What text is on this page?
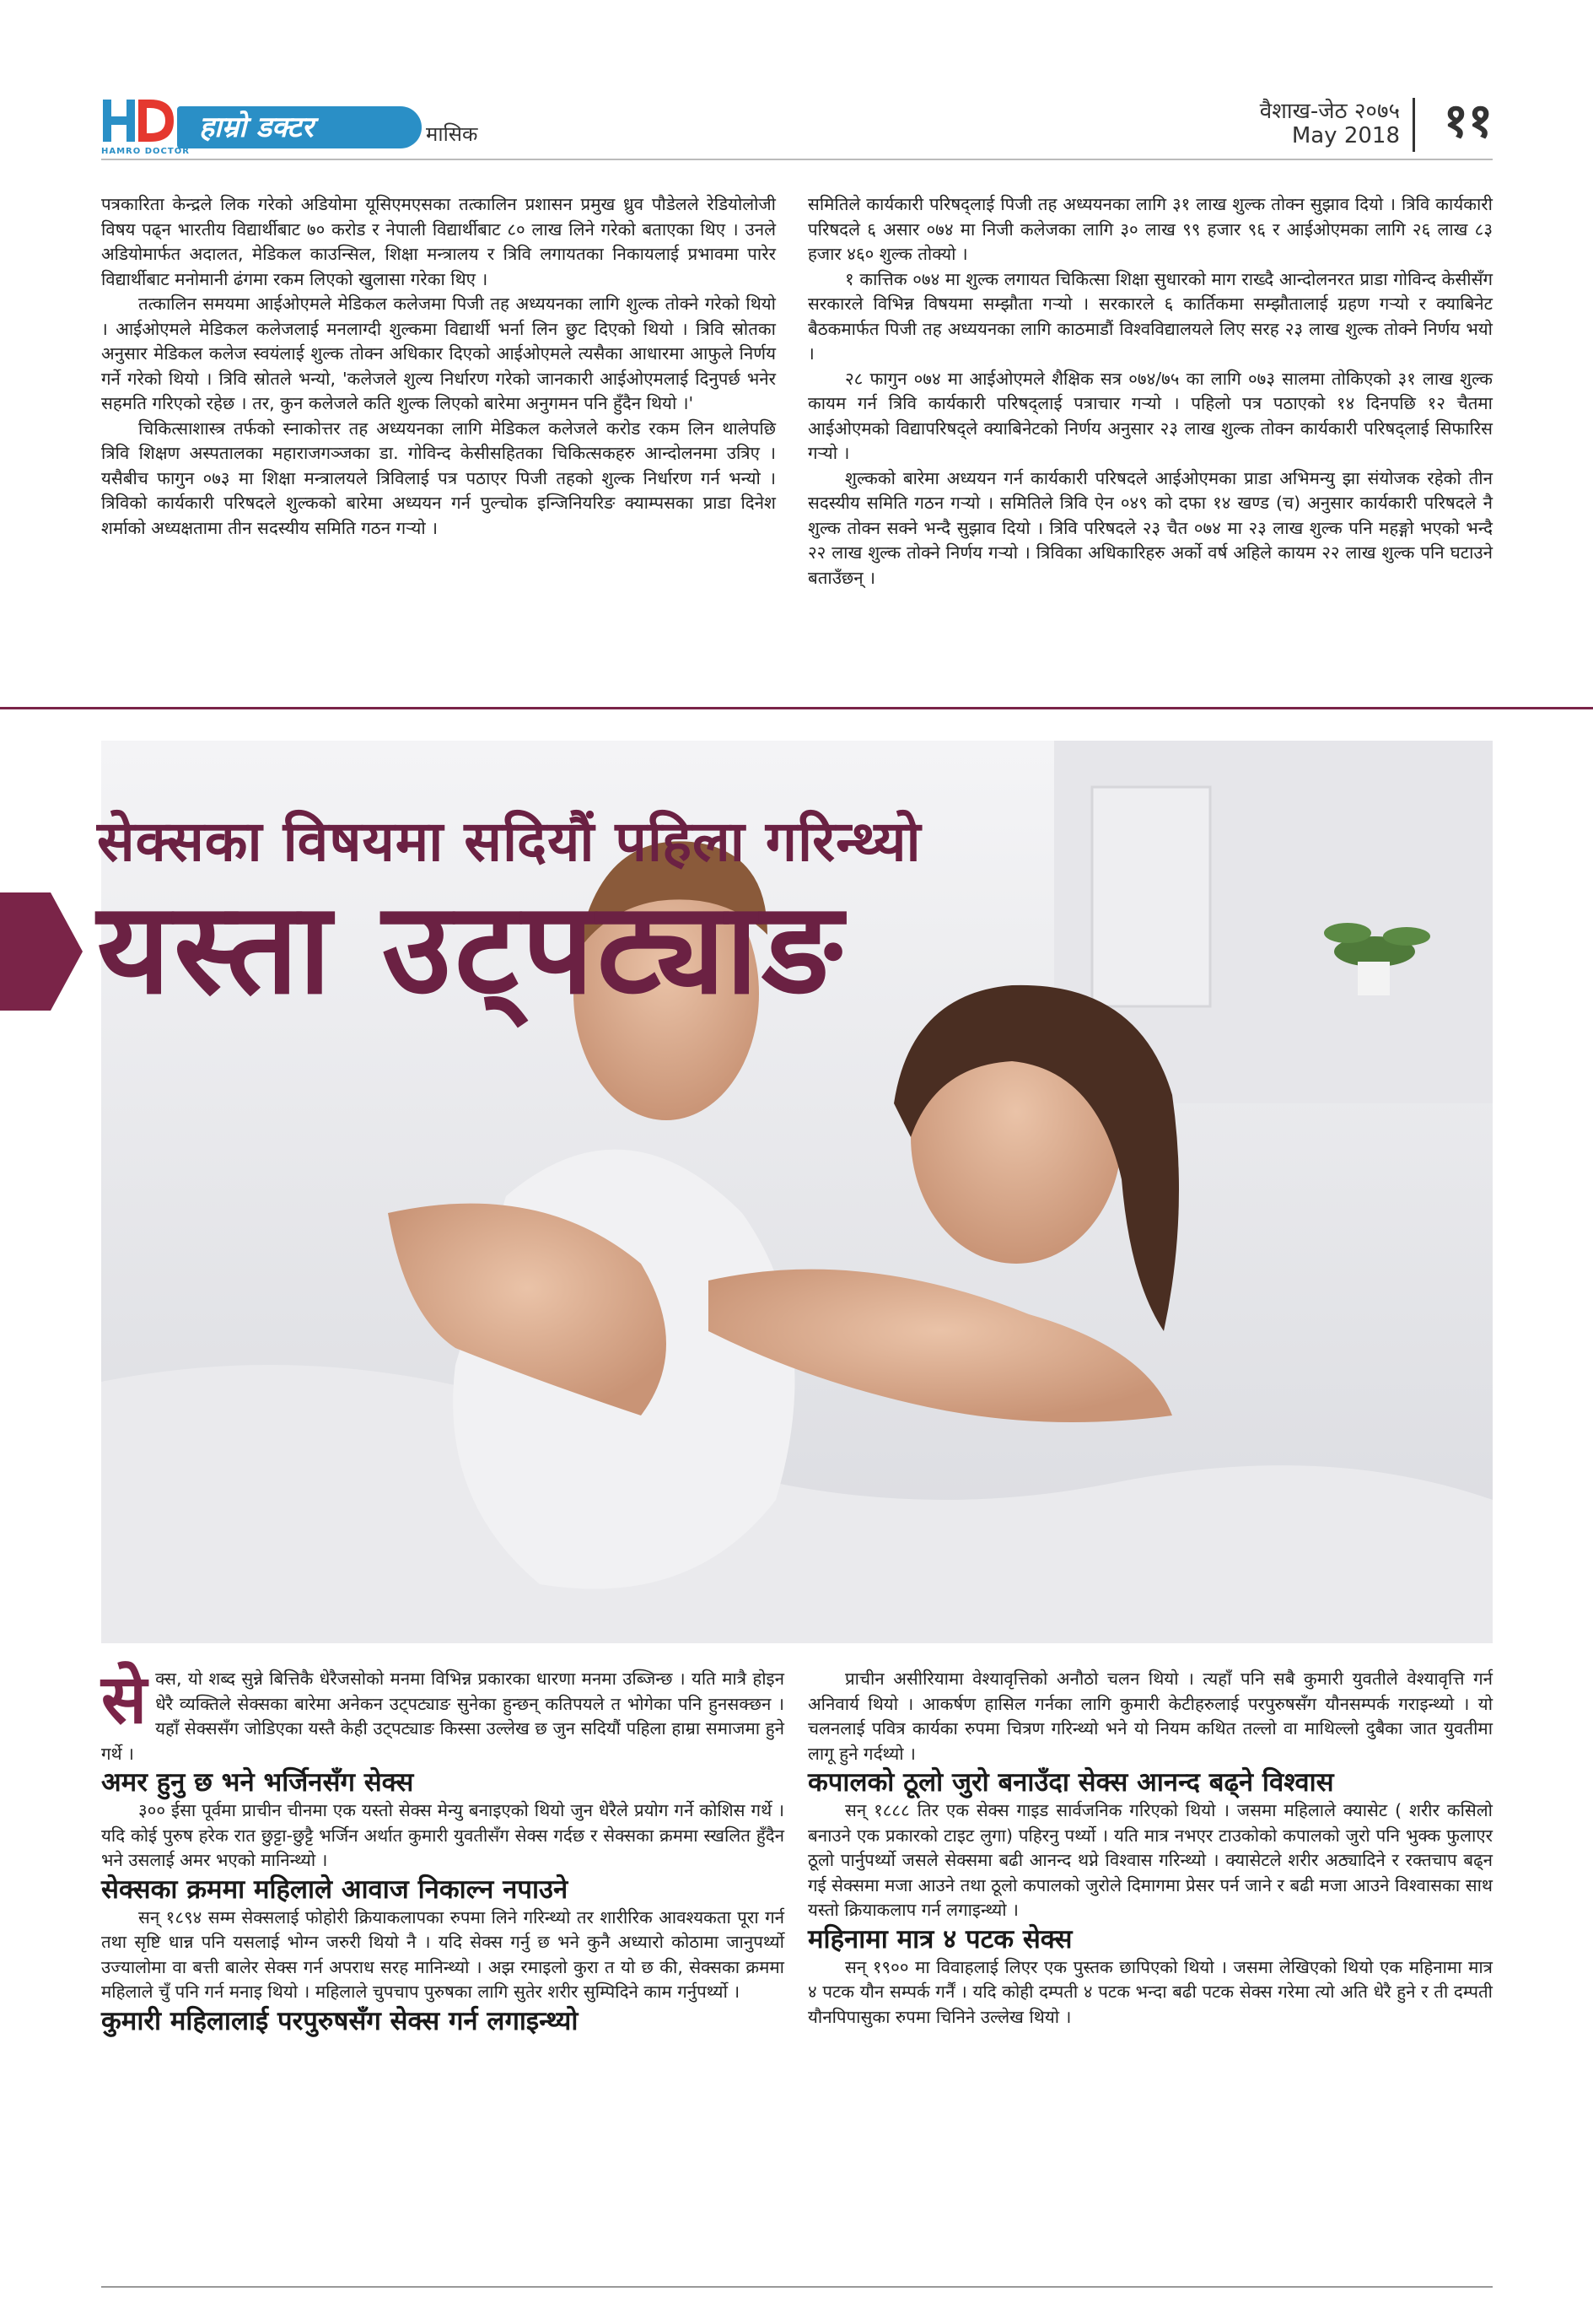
हाम्रो डक्टर
HAMRO DOCTOR
मासिक
वैशाख-जेठ २०७५
May 2018 ११

पत्रकारिता केन्द्रले लिक गरेको अडियोमा यूसिएमएसका तत्कालिन प्रशासन प्रमुख ध्रुव पौडेलले रेडियोलोजी विषय पढ्न भारतीय विद्यार्थीबाट ७० करोड र नेपाली विद्यार्थीबाट ८० लाख लिने गरेको बताएका थिए । उनले अडियोमार्फत अदालत, मेडिकल काउन्सिल, शिक्षा मन्त्रालय र त्रिवि लगायतका निकायलाई प्रभावमा पारेर विद्यार्थीबाट मनोमानी ढंगमा रकम लिएको खुलासा गरेका थिए ।

तत्कालिन समयमा आईओएमले मेडिकल कलेजमा पिजी तह अध्ययनका लागि शुल्क तोक्ने गरेको थियो । आईओएमले मेडिकल कलेजलाई मनलाग्दी शुल्कमा विद्यार्थी भर्ना लिन छुट दिएको थियो । त्रिवि स्रोतका अनुसार मेडिकल कलेज स्वयंलाई शुल्क तोक्न अधिकार दिएको आईओएमले त्यसैका आधारमा आफुले निर्णय गर्ने गरेको थियो । त्रिवि स्रोतले भन्यो, 'कलेजले शुल्य निर्धारण गरेको जानकारी आईओएमलाई दिनुपर्छ भनेर सहमति गरिएको रहेछ । तर, कुन कलेजले कति शुल्क लिएको बारेमा अनुगमन पनि हुँदैन थियो ।'

चिकित्साशास्त्र तर्फको स्नाकोत्तर तह अध्ययनका लागि मेडिकल कलेजले करोड रकम लिन थालेपछि त्रिवि शिक्षण अस्पतालका महाराजगञ्जका डा. गोविन्द केसीसहितका चिकित्सकहरु आन्दोलनमा उत्रिए । यसैबीच फागुन ०७३ मा शिक्षा मन्त्रालयले त्रिविलाई पत्र पठाएर पिजी तहको शुल्क निर्धारण गर्न भन्यो । त्रिविको कार्यकारी परिषदले शुल्कको बारेमा अध्ययन गर्न पुल्चोक इन्जिनियरिङ क्याम्पसका प्राडा दिनेश शर्माको अध्यक्षतामा तीन सदस्यीय समिति गठन गऱ्यो ।

समितिले कार्यकारी परिषद्लाई पिजी तह अध्ययनका लागि ३१ लाख शुल्क तोक्न सुझाव दियो । त्रिवि कार्यकारी परिषदले ६ असार ०७४ मा निजी कलेजका लागि ३० लाख ९९ हजार ९६ र आईओएमका लागि २६ लाख ८३ हजार ४६० शुल्क तोक्यो ।

१ कात्तिक ०७४ मा शुल्क लगायत चिकित्सा शिक्षा सुधारको माग राख्दै आन्दोलनरत प्राडा गोविन्द केसीसँग सरकारले विभिन्न विषयमा सम्झौता गऱ्यो । सरकारले ६ कार्तिकमा सम्झौतालाई ग्रहण गऱ्यो र क्याबिनेट बैठकमार्फत पिजी तह अध्ययनका लागि काठमाडौं विश्वविद्यालयले लिए सरह २३ लाख शुल्क तोक्ने निर्णय भयो ।

२८ फागुन ०७४ मा आईओएमले शैक्षिक सत्र ०७४/७५ का लागि ०७३ सालमा तोकिएको ३१ लाख शुल्क कायम गर्न त्रिवि कार्यकारी परिषद्लाई पत्राचार गऱ्यो । पहिलो पत्र पठाएको १४ दिनपछि १२ चैतमा आईओएमको विद्यापरिषद्ले क्याबिनेटको निर्णय अनुसार २३ लाख शुल्क तोक्न कार्यकारी परिषद्लाई सिफारिस गऱ्यो ।

शुल्कको बारेमा अध्ययन गर्न कार्यकारी परिषदले आईओएमका प्राडा अभिमन्यु झा संयोजक रहेको तीन सदस्यीय समिति गठन गऱ्यो । समितिले त्रिवि ऐन ०४९ को दफा १४ खण्ड (च) अनुसार कार्यकारी परिषदले नै शुल्क तोक्न सक्ने भन्दै सुझाव दियो । त्रिवि परिषदले २३ चैत ०७४ मा २३ लाख शुल्क पनि महङ्गो भएको भन्दै २२ लाख शुल्क तोक्ने निर्णय गऱ्यो । त्रिविका अधिकारिहरु अर्को वर्ष अहिले कायम २२ लाख शुल्क पनि घटाउने बताउँछन् ।

सेक्सका विषयमा सदियौं पहिला गरिन्थ्यो
यस्ता उट्पट्याङ

सेक्स, यो शब्द सुन्ने बित्तिकै धेरैजसोको मनमा विभिन्न प्रकारका धारणा मनमा उब्जिन्छ । यति मात्रै होइन धेरै व्यक्तिले सेक्सका बारेमा अनेकन उट्पट्याङ सुनेका हुन्छन् कतिपयले त भोगेका पनि हुनसक्छन । यहाँ सेक्ससँग जोडिएका यस्तै केही उट्पट्याङ किस्सा उल्लेख छ जुन सदियौं पहिला हाम्रा समाजमा हुने गर्थे ।

अमर हुनु छ भने भर्जिनसँग सेक्स

३०० ईसा पूर्वमा प्राचीन चीनमा एक यस्तो सेक्स मेन्यु बनाइएको थियो जुन धेरैले प्रयोग गर्ने कोशिस गर्थे । यदि कोई पुरुष हरेक रात छुट्टा-छुट्टै भर्जिन अर्थात कुमारी युवतीसँग सेक्स गर्दछ र सेक्सका क्रममा स्खलित हुँदैन भने उसलाई अमर भएको मानिन्थ्यो ।

सेक्सका क्रममा महिलाले आवाज निकाल्न नपाउने

सन् १८९४ सम्म सेक्सलाई फोहोरी क्रियाकलापका रुपमा लिने गरिन्थ्यो तर शारीरिक आवश्यकता पूरा गर्न तथा सृष्टि धान्न पनि यसलाई भोग्न जरुरी थियो नै । यदि सेक्स गर्नु छ भने कुनै अध्यारो कोठामा जानुपर्थ्यो उज्यालोमा वा बत्ती बालेर सेक्स गर्न अपराध सरह मानिन्थ्यो । अझ रमाइलो कुरा त यो छ की, सेक्सका क्रममा महिलाले चुँ पनि गर्न मनाइ थियो । महिलाले चुपचाप पुरुषका लागि सुतेर शरीर सुम्पिदिने काम गर्नुपर्थ्यो ।

कुमारी महिलालाई परपुरुषसँग सेक्स गर्न लगाइन्थ्यो

प्राचीन असीरियामा वेश्यावृत्तिको अनौठो चलन थियो । त्यहाँ पनि सबै कुमारी युवतीले वेश्यावृत्ति गर्न अनिवार्य थियो । आकर्षण हासिल गर्नका लागि कुमारी केटीहरुलाई परपुरुषसँग यौनसम्पर्क गराइन्थ्यो । यो चलनलाई पवित्र कार्यका रुपमा चित्रण गरिन्थ्यो भने यो नियम कथित तल्लो वा माथिल्लो दुबैका जात युवतीमा लागू हुने गर्दथ्यो ।

कपालको ठूलो जुरो बनाउँदा सेक्स आनन्द बढ्ने विश्वास

सन् १८८८ तिर एक सेक्स गाइड सार्वजनिक गरिएको थियो । जसमा महिलाले क्यासेट ( शरीर कसिलो बनाउने एक प्रकारको टाइट लुगा) पहिरनु पर्थ्यो । यति मात्र नभएर टाउकोको कपालको जुरो पनि भुक्क फुलाएर ठूलो पार्नुपर्थ्यो जसले सेक्समा बढी आनन्द थप्ने विश्वास गरिन्थ्यो । क्यासेटले शरीर अठ्यादिने र रक्तचाप बढ्न गई सेक्समा मजा आउने तथा ठूलो कपालको जुरोले दिमागमा प्रेसर पर्न जाने र बढी मजा आउने विश्वासका साथ यस्तो क्रियाकलाप गर्न लगाइन्थ्यो ।

महिनामा मात्र ४ पटक सेक्स

सन् १९०० मा विवाहलाई लिएर एक पुस्तक छापिएको थियो । जसमा लेखिएको थियो एक महिनामा मात्र ४ पटक यौन सम्पर्क गर्नैं । यदि कोही दम्पती ४ पटक भन्दा बढी पटक सेक्स गरेमा त्यो अति धेरै हुने र ती दम्पती यौनपिपासुका रुपमा चिनिने उल्लेख थियो ।
